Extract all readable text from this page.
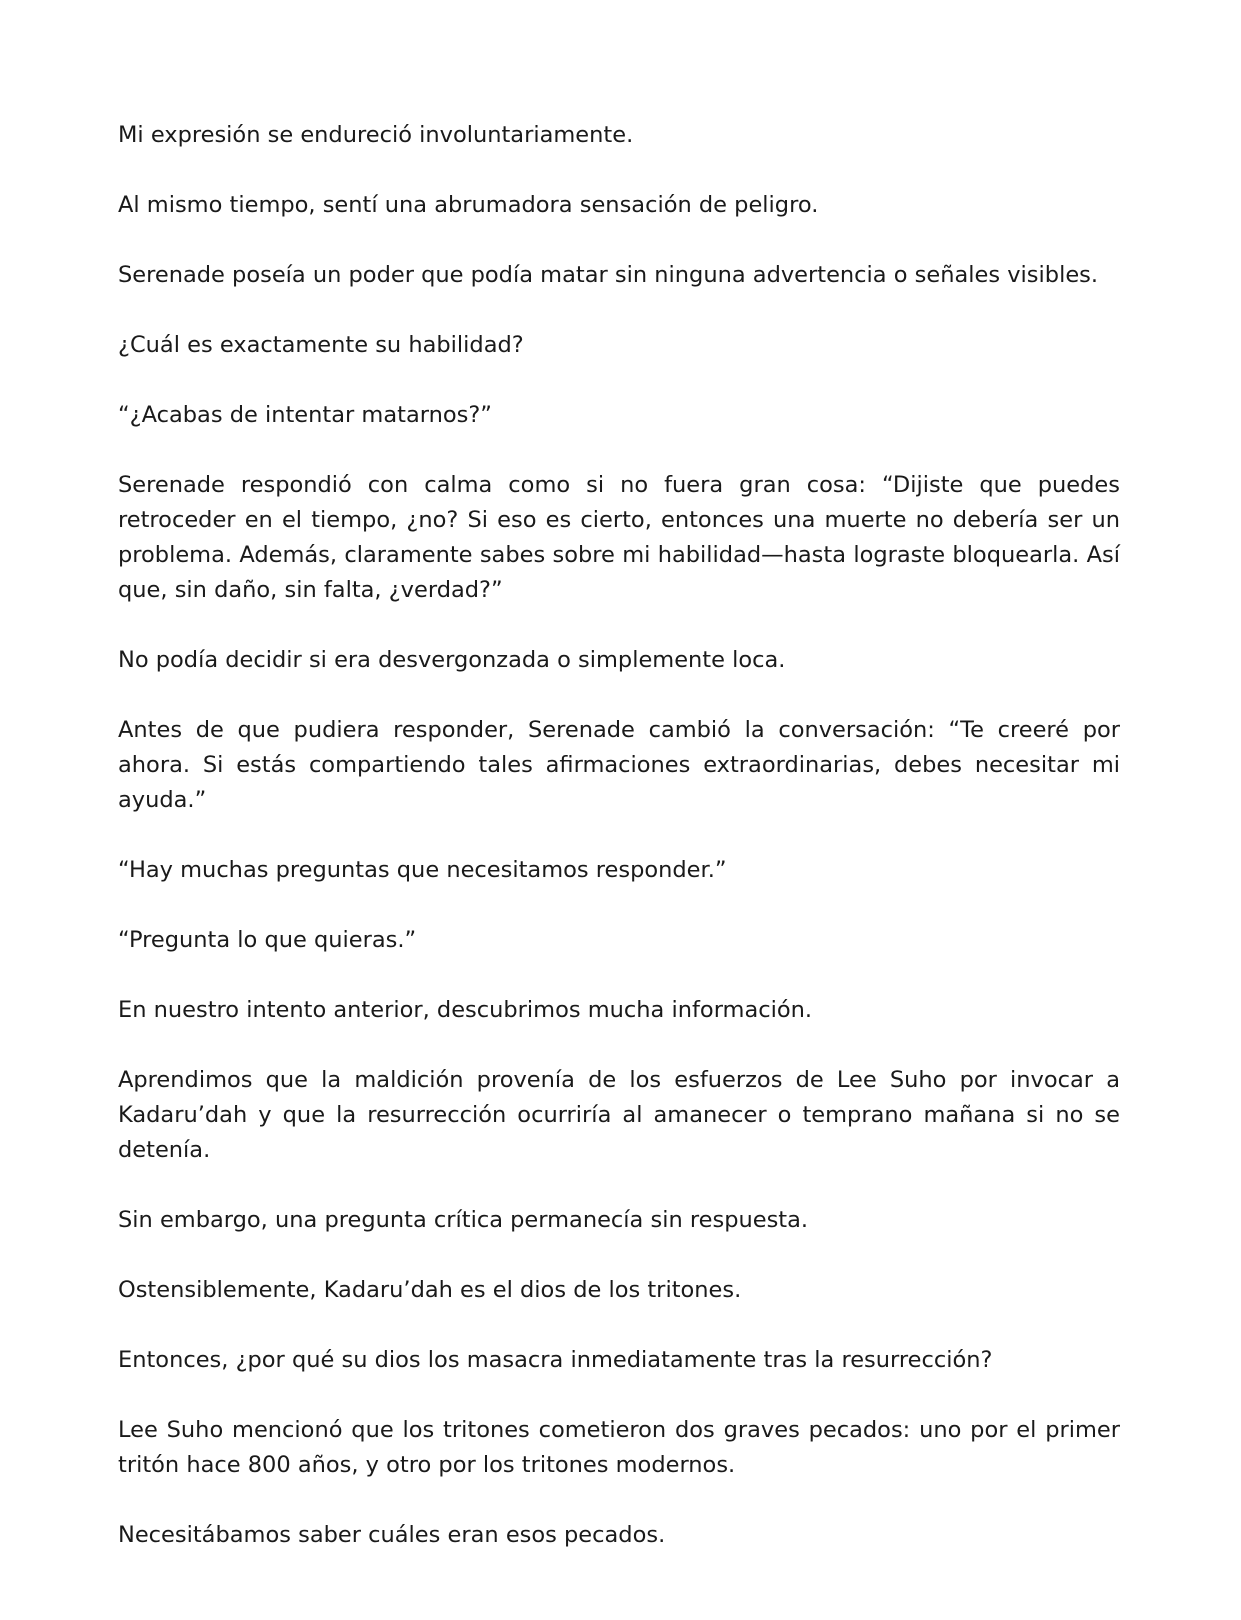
Mi expresión se endureció involuntariamente.

Al mismo tiempo, sentí una abrumadora sensación de peligro.

Serenade poseía un poder que podía matar sin ninguna advertencia o señales visibles.

¿Cuál es exactamente su habilidad?

“¿Acabas de intentar matarnos?”

Serenade respondió con calma como si no fuera gran cosa: “Dijiste que puedes retroceder en el tiempo, ¿no? Si eso es cierto, entonces una muerte no debería ser un problema. Además, claramente sabes sobre mi habilidad—hasta lograste bloquearla. Así que, sin daño, sin falta, ¿verdad?”

No podía decidir si era desvergonzada o simplemente loca.

Antes de que pudiera responder, Serenade cambió la conversación: “Te creeré por ahora. Si estás compartiendo tales afirmaciones extraordinarias, debes necesitar mi ayuda.”

“Hay muchas preguntas que necesitamos responder.”

“Pregunta lo que quieras.”

En nuestro intento anterior, descubrimos mucha información.

Aprendimos que la maldición provenía de los esfuerzos de Lee Suho por invocar a Kadaru’dah y que la resurrección ocurriría al amanecer o temprano mañana si no se detenía.

Sin embargo, una pregunta crítica permanecía sin respuesta.

Ostensiblemente, Kadaru’dah es el dios de los tritones.

Entonces, ¿por qué su dios los masacra inmediatamente tras la resurrección?

Lee Suho mencionó que los tritones cometieron dos graves pecados: uno por el primer tritón hace 800 años, y otro por los tritones modernos.

Necesitábamos saber cuáles eran esos pecados.
